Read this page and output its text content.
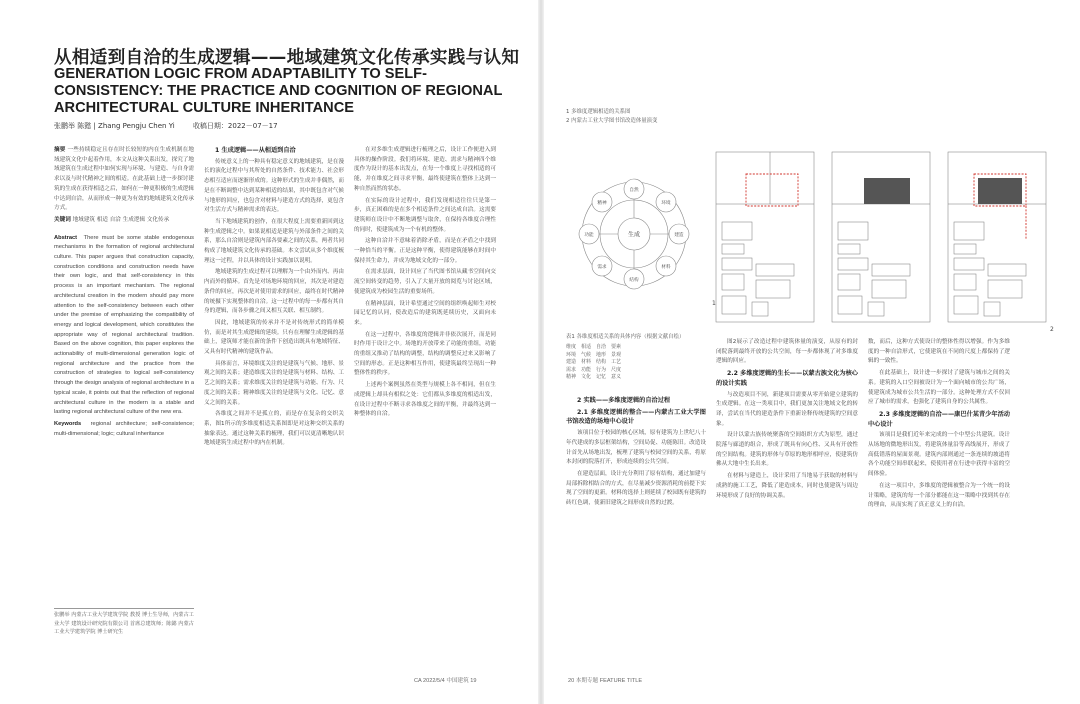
从相适到自洽的生成逻辑——地域建筑文化传承实践与认知
GENERATION LOGIC FROM ADAPTABILITY TO SELF-CONSISTENCY: THE PRACTICE AND COGNITION OF REGIONAL ARCHITECTURAL CULTURE INHERITANCE
张鹏举 陈懿 | Zhang Pengju Chen Yi	收稿日期：2022－07－17

摘要 一些持续稳定且存在时长较短的内在生成机制在地域建筑文化中起着作用，本文从这种关系出发，探究了地域建筑在生成过程中如何实现与环境、与建造、与自身需求以及与时代精神之间的相适。在此基础上进一步探讨建筑的生成在获得相适之后，如何在一种更积极的生成逻辑中达到自洽，从而形成一种更为有效的地域建筑文化传承方式。

关键词 地域建筑 相适 自洽 生成逻辑 文化传承

Abstract There must be some stable endogenous mechanisms in the formation of regional architectural culture. This paper argues that construction capacity, construction conditions and construction needs have their own logic, and that self-consistency in this process is an important mechanism. The regional architectural creation in the modern should pay more attention to the self-consistency between each other under the premise of emphasizing the compatibility of energy and logical development, which constitutes the appropriate way of regional architectural tradition. Based on the above cognition, this paper explores the actionability of multi-dimensional generation logic of regional architecture and the practice from the construction of strategies to logical self-consistency through the design analysis of regional architecture in a typical scale, it points out that the reflection of regional architectural culture in the modern is a stable and lasting regional architectural culture of the new era.

Keywords regional architecture; self-consistence; multi-dimensional; logic; cultural inheritance

张鹏举 内蒙古工业大学建筑学院 教授 博士生导师，内蒙古工业大学 建筑设计研究院有限公司 首席总建筑师；陈懿 内蒙古工业大学建筑学院 博士研究生

1 生成逻辑——从相适到自洽

传统意义上的一种具有稳定意义的地域建筑，是在漫长的演化过程中与其所处的自然条件、技术能力、社会形态相互适应而逐渐形成的。这种形式的生成并非偶然，而是在不断调整中达到某种相适的结果，其中既包含对气候与地形的回应，也包含对材料与建造方式的选择，更包含对生活方式与精神需求的表达。

当下地域建筑的创作，在很大程度上需要重新回到这种生成逻辑之中。如果说相适是建筑与外部条件之间的关系，那么自洽则是建筑内部各要素之间的关系，两者共同构成了地域建筑文化传承的基础。本文尝试从多个维度梳理这一过程，并以具体的设计实践加以说明。

地域建筑的生成过程可以理解为一个由外而内、再由内而外的循环。首先是对场地环境的回应，其次是对建造条件的回应，再次是对使用需求的回应，最终在时代精神的统摄下实现整体的自洽。这一过程中的每一步都有其自身的逻辑，而各步骤之间又相互关联、相互制约。

因此，地域建筑的传承并不是对传统形式的简单模仿，而是对其生成逻辑的延续。只有在理解生成逻辑的基础上，建筑师才能在新的条件下创造出既具有地域特征、又具有时代精神的建筑作品。

具体而言，环境维度关注的是建筑与气候、地形、景观之间的关系；建造维度关注的是建筑与材料、结构、工艺之间的关系；需求维度关注的是建筑与功能、行为、尺度之间的关系；精神维度关注的是建筑与文化、记忆、意义之间的关系。

各维度之间并不是孤立的，而是存在复杂的交织关系，图1所示的多维度相适关系图即是对这种交织关系的抽象表达。通过这种关系的梳理，我们可以更清晰地认识地域建筑生成过程中的内在机制。

在对多维生成逻辑进行梳理之后，设计工作便进入到具体的操作阶段。我们将环境、建造、需求与精神四个维度作为设计的基本出发点，在每一个维度上寻找相适的可能，并在维度之间寻求平衡，最终使建筑在整体上达到一种自然而然的状态。

在实际的设计过程中，我们发现相适往往只是第一步，真正困难的是在多个相适条件之间达成自洽。这需要建筑师在设计中不断地调整与取舍，在保持各维度合理性的同时，使建筑成为一个有机的整体。

这种自洽并不意味着消除矛盾，而是在矛盾之中找到一种恰当的平衡。正是这种平衡，使得建筑能够在时间中保持其生命力，并成为地域文化的一部分。

在需求层面，设计回应了当代图书馆从藏书空间向交流空间转变的趋势，引入了大量开放的阅览与讨论区域，使建筑成为校园生活的重要场所。

在精神层面，设计希望通过空间的组织唤起师生对校园记忆的认同，使改造后的建筑既延续历史，又面向未来。

在这一过程中，各维度的逻辑并非依次展开，而是同时作用于设计之中。场地的开放带来了功能的重组，功能的重组又推动了结构的调整，结构的调整反过来又影响了空间的形态。正是这种相互作用，使建筑最终呈现出一种整体性的秩序。

上述两个案例虽然在类型与规模上各不相同，但在生成逻辑上却具有相似之处：它们都从多维度的相适出发，在设计过程中不断寻求各维度之间的平衡，并最终达到一种整体的自洽。

CA 2022/5/4 中国建筑 19
1 多维度逻辑相适的关系图
2 内蒙古工业大学图书馆改造体量演变
生成
自然
环境
建造
材料
结构
需求
功能
精神
1
2
表1 各维度相适关系的具体内容（根据文献自绘）
维度	相适	自洽	要素
环境	气候	地形	景观
建造	材料	结构	工艺
需求	功能	行为	尺度
精神	文化	记忆	意义

2 实践——多维度逻辑的自洽过程

2.1 多维度逻辑的整合——内蒙古工业大学图书馆改造的场地中心设计

该项目位于校园的核心区域，原有建筑为上世纪八十年代建成的多层框架结构，空间局促、功能陈旧。改造设计首先从场地出发，梳理了建筑与校园空间的关系，将原本封闭的院落打开，形成连续的公共空间。

在建造层面，设计充分利用了原有结构，通过加建与局部拆除相结合的方式，在尽量减少资源消耗的前提下实现了空间的更新。材料的选择上则延续了校园既有建筑的砖红色调，使新旧建筑之间形成自然的过渡。

图2展示了改造过程中建筑体量的演变，从原有的封闭院落到最终开放的公共空间，每一步都体现了对多维度逻辑的回应。

2.2 多维度逻辑的生长——以蒙古族文化为核心的设计实践

与改造项目不同，新建项目需要从零开始建立建筑的生成逻辑。在这一类项目中，我们更加关注地域文化的转译，尝试在当代的建造条件下重新诠释传统建筑的空间意象。

设计以蒙古族传统聚落的空间组织方式为原型，通过院落与廊道的组合，形成了既具有向心性、又具有开放性的空间结构。建筑的形体与草原的地形相呼应，使建筑仿佛从大地中生长出来。

在材料与建造上，设计采用了当地易于获取的材料与成熟的施工工艺，降低了建造成本，同时也使建筑与周边环境形成了良好的协调关系。

数，而后，这种方式使设计的整体性得以增强。作为多维度的一种自洽形式，它使建筑在不同的尺度上都保持了逻辑的一致性。

在此基础上，设计进一步探讨了建筑与城市之间的关系。建筑的入口空间被设计为一个面向城市的公共广场，使建筑成为城市公共生活的一部分。这种处理方式不仅回应了城市的需求，也强化了建筑自身的公共属性。

2.3 多维度逻辑的自洽——康巴什某青少年活动中心设计

该项目是我们近年来完成的一个中型公共建筑。设计从场地的微地形出发，将建筑体量沿等高线展开，形成了高低错落的屋面景观。建筑内部则通过一条连续的坡道将各个功能空间串联起来，使使用者在行进中获得丰富的空间体验。

在这一项目中，多维度的逻辑被整合为一个统一的设计策略，建筑的每一个部分都能在这一策略中找到其存在的理由，从而实现了真正意义上的自洽。

20 本期专题 FEATURE TITLE
